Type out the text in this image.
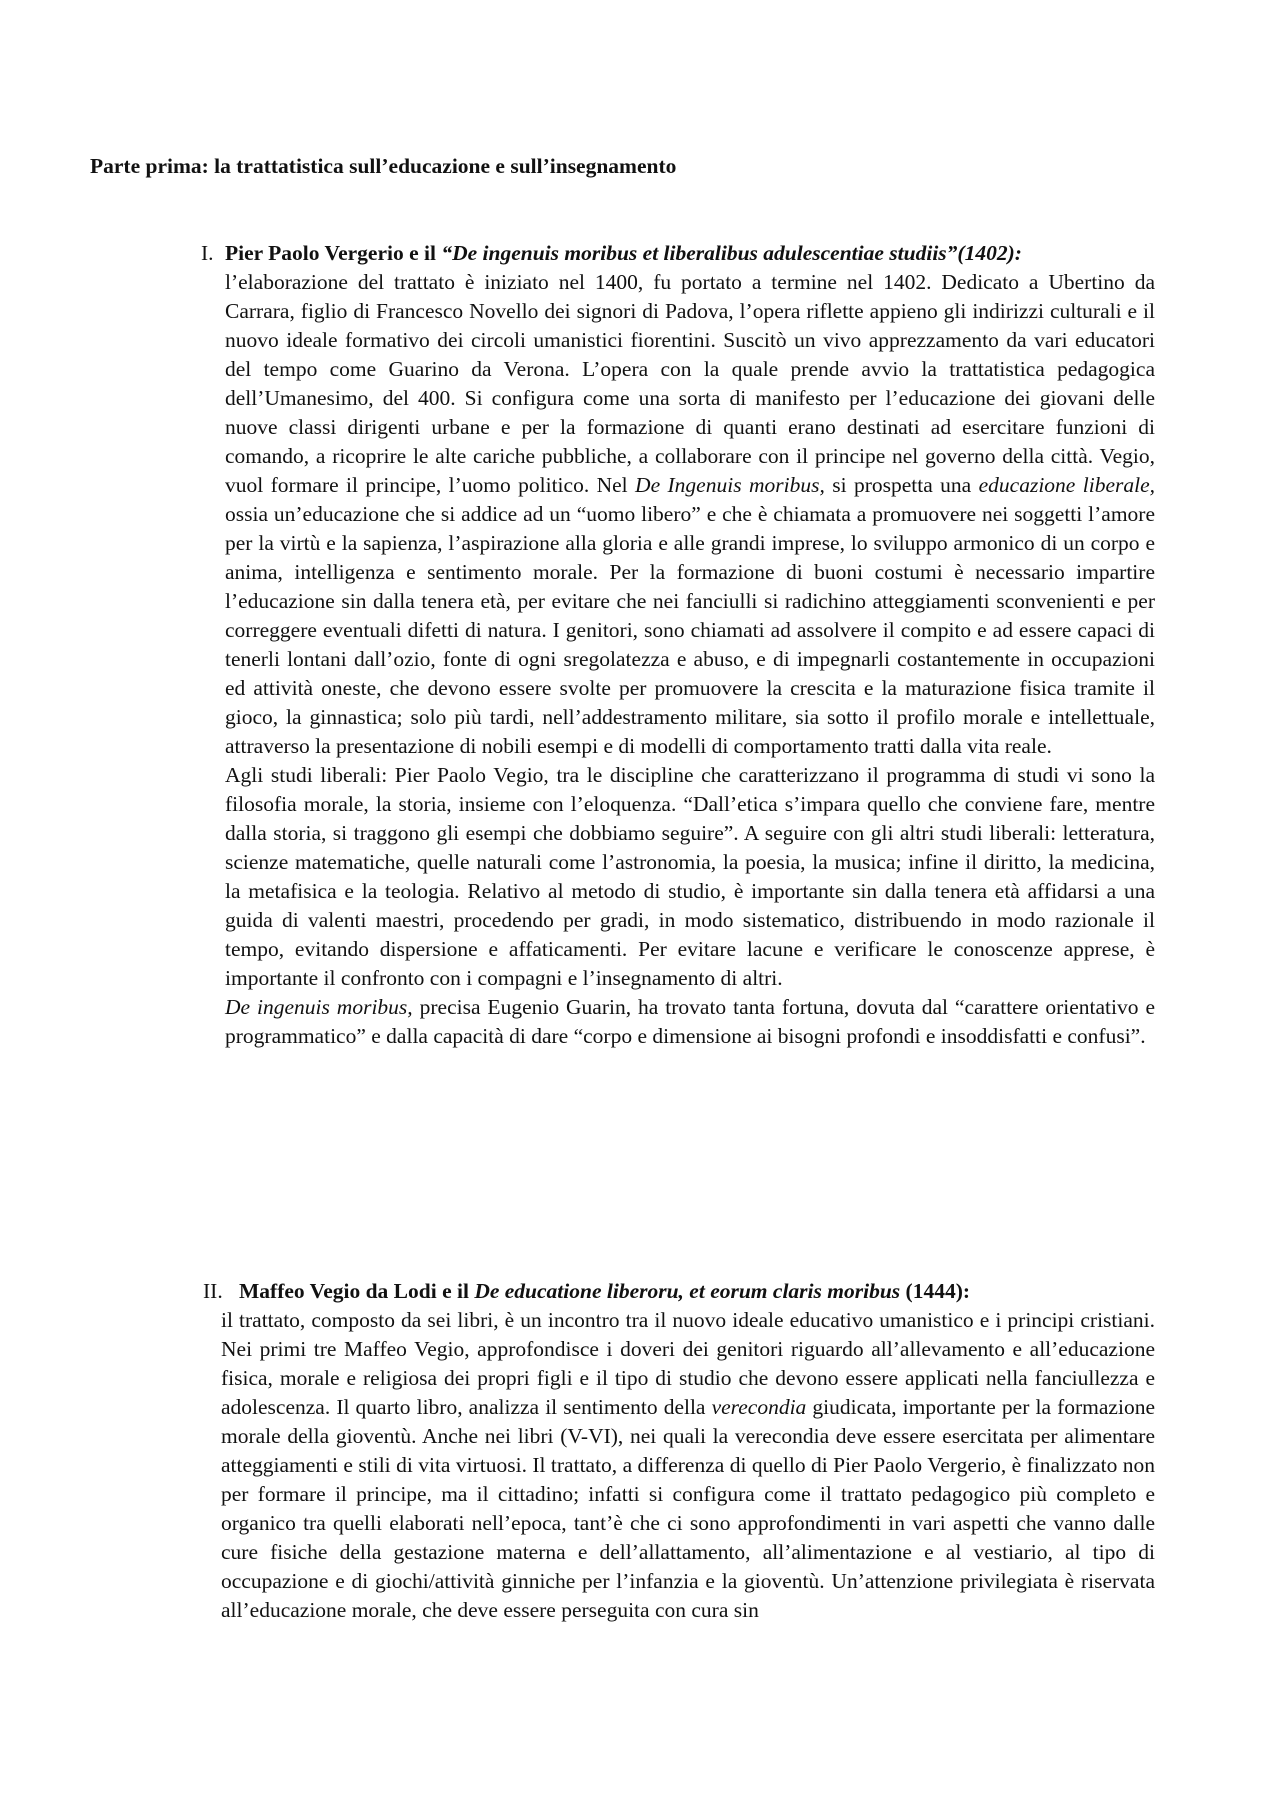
Parte prima: la trattatistica sull’educazione e sull’insegnamento
I. Pier Paolo Vergerio e il “De ingenuis moribus et liberalibus adulescentiae studiis”(1402):

l’elaborazione del trattato è iniziato nel 1400, fu portato a termine nel 1402. Dedicato a Ubertino da Carrara, figlio di Francesco Novello dei signori di Padova, l’opera riflette appieno gli indirizzi culturali e il nuovo ideale formativo dei circoli umanistici fiorentini. Suscitò un vivo apprezzamento da vari educatori del tempo come Guarino da Verona. L’opera con la quale prende avvio la trattatistica pedagogica dell’Umanesimo, del 400. Si configura come una sorta di manifesto per l’educazione dei giovani delle nuove classi dirigenti urbane e per la formazione di quanti erano destinati ad esercitare funzioni di comando, a ricoprire le alte cariche pubbliche, a collaborare con il principe nel governo della città. Vegio, vuol formare il principe, l’uomo politico. Nel De Ingenuis moribus, si prospetta una educazione liberale, ossia un’educazione che si addice ad un “uomo libero” e che è chiamata a promuovere nei soggetti l’amore per la virtù e la sapienza, l’aspirazione alla gloria e alle grandi imprese, lo sviluppo armonico di un corpo e anima, intelligenza e sentimento morale. Per la formazione di buoni costumi è necessario impartire l’educazione sin dalla tenera età, per evitare che nei fanciulli si radichino atteggiamenti sconvenienti e per correggere eventuali difetti di natura. I genitori, sono chiamati ad assolvere il compito e ad essere capaci di tenerli lontani dall’ozio, fonte di ogni sregolatezza e abuso, e di impegnarli costantemente in occupazioni ed attività oneste, che devono essere svolte per promuovere la crescita e la maturazione fisica tramite il gioco, la ginnastica; solo più tardi, nell’addestramento militare, sia sotto il profilo morale e intellettuale, attraverso la presentazione di nobili esempi e di modelli di comportamento tratti dalla vita reale.

Agli studi liberali: Pier Paolo Vegio, tra le discipline che caratterizzano il programma di studi vi sono la filosofia morale, la storia, insieme con l’eloquenza. “Dall’etica s’impara quello che conviene fare, mentre dalla storia, si traggono gli esempi che dobbiamo seguire”. A seguire con gli altri studi liberali: letteratura, scienze matematiche, quelle naturali come l’astronomia, la poesia, la musica; infine il diritto, la medicina, la metafisica e la teologia. Relativo al metodo di studio, è importante sin dalla tenera età affidarsi a una guida di valenti maestri, procedendo per gradi, in modo sistematico, distribuendo in modo razionale il tempo, evitando dispersione e affaticamenti. Per evitare lacune e verificare le conoscenze apprese, è importante il confronto con i compagni e l’insegnamento di altri.

De ingenuis moribus, precisa Eugenio Guarin, ha trovato tanta fortuna, dovuta dal “carattere orientativo e programmatico” e dalla capacità di dare “corpo e dimensione ai bisogni profondi e insoddisfatti e confusi”.

II. Maffeo Vegio da Lodi e il De educatione liberoru, et eorum claris moribus (1444):

il trattato, composto da sei libri, è un incontro tra il nuovo ideale educativo umanistico e i principi cristiani. Nei primi tre Maffeo Vegio, approfondisce i doveri dei genitori riguardo all’allevamento e all’educazione fisica, morale e religiosa dei propri figli e il tipo di studio che devono essere applicati nella fanciullezza e adolescenza. Il quarto libro, analizza il sentimento della verecondia giudicata, importante per la formazione morale della gioventù. Anche nei libri (V-VI), nei quali la verecondia deve essere esercitata per alimentare atteggiamenti e stili di vita virtuosi. Il trattato, a differenza di quello di Pier Paolo Vergerio, è finalizzato non per formare il principe, ma il cittadino; infatti si configura come il trattato pedagogico più completo e organico tra quelli elaborati nell’epoca, tant’è che ci sono approfondimenti in vari aspetti che vanno dalle cure fisiche della gestazione materna e dell’allattamento, all’alimentazione e al vestiario, al tipo di occupazione e di giochi/attività ginniche per l’infanzia e la gioventù. Un’attenzione privilegiata è riservata all’educazione morale, che deve essere perseguita con cura sin
